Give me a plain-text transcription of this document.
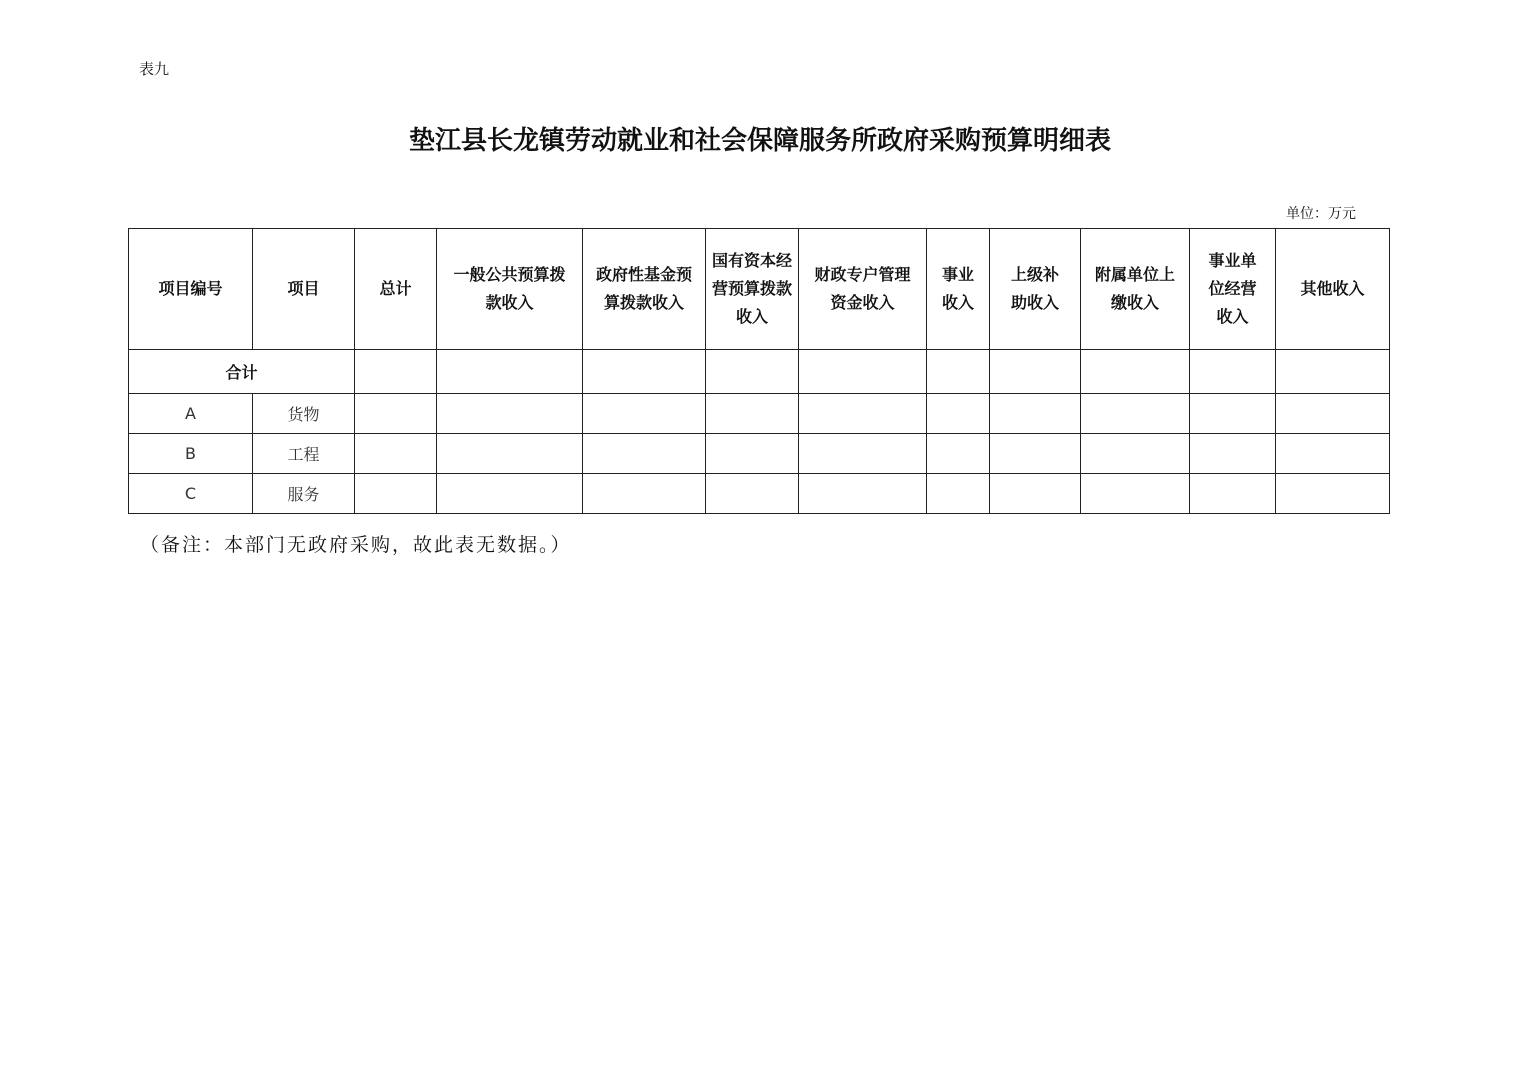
表九
垫江县长龙镇劳动就业和社会保障服务所政府采购预算明细表
单位：万元
项目编号	项目	总计	一般公共预算拨款收入	政府性基金预算拨款收入	国有资本经营预算拨款收入	财政专户管理资金收入	事业收入	上级补助收入	附属单位上缴收入	事业单位经营收入	其他收入
合计											
A	货物										
B	工程										
C	服务										
（备注：本部门无政府采购，故此表无数据。）
